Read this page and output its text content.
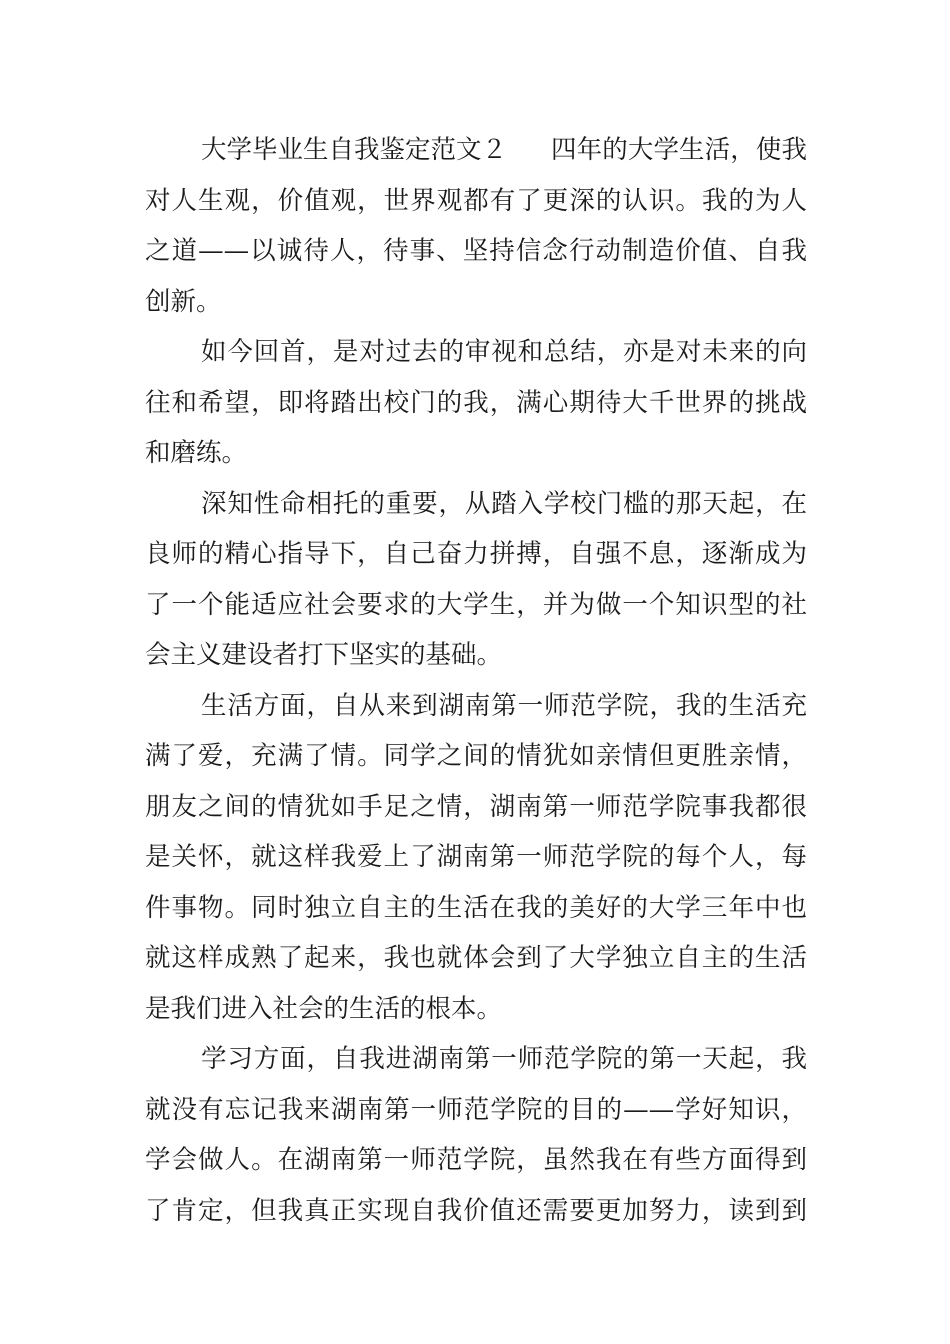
大学毕业生自我鉴定范文２ 四年的大学生活，使我
对人生观，价值观，世界观都有了更深的认识。我的为人
之道——以诚待人，待事、坚持信念行动制造价值、自我
创新。
如今回首，是对过去的审视和总结，亦是对未来的向
往和希望，即将踏出校门的我，满心期待大千世界的挑战
和磨练。
深知性命相托的重要，从踏入学校门槛的那天起，在
良师的精心指导下，自己奋力拼搏，自强不息，逐渐成为
了一个能适应社会要求的大学生，并为做一个知识型的社
会主义建设者打下坚实的基础。
生活方面，自从来到湖南第一师范学院，我的生活充
满了爱，充满了情。同学之间的情犹如亲情但更胜亲情，
朋友之间的情犹如手足之情，湖南第一师范学院事我都很
是关怀，就这样我爱上了湖南第一师范学院的每个人，每
件事物。同时独立自主的生活在我的美好的大学三年中也
就这样成熟了起来，我也就体会到了大学独立自主的生活
是我们进入社会的生活的根本。
学习方面，自我进湖南第一师范学院的第一天起，我
就没有忘记我来湖南第一师范学院的目的——学好知识，
学会做人。在湖南第一师范学院，虽然我在有些方面得到
了肯定，但我真正实现自我价值还需要更加努力，读到到
